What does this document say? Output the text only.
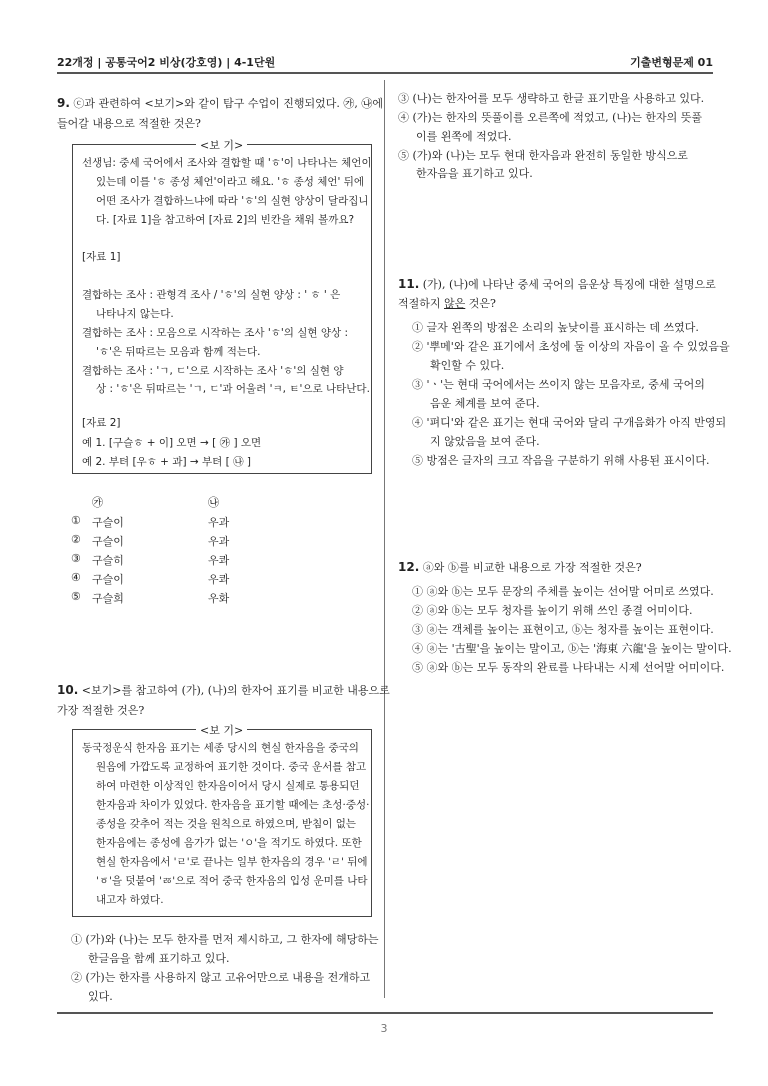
22개정 | 공통국어2 비상(강호영) | 4-1단원	기출변형문제 01
9. ⓒ과 관련하여 <보기>와 같이 탐구 수업이 진행되었다. ㉮, ㉯에
들어갈 내용으로 적절한 것은?
<보 기>
선생님: 중세 국어에서 조사와 결합할 때 'ㅎ'이 나타나는 체언이
있는데 이를 'ㅎ 종성 체언'이라고 해요. 'ㅎ 종성 체언' 뒤에
어떤 조사가 결합하느냐에 따라 'ㅎ'의 실현 양상이 달라집니
다. [자료 1]을 참고하여 [자료 2]의 빈칸을 채워 볼까요?
[자료 1]
결합하는 조사 : 관형격 조사 / 'ㅎ'의 실현 양상 : ' ㅎ ' 은
나타나지 않는다.
결합하는 조사 : 모음으로 시작하는 조사 'ㅎ'의 실현 양상 :
'ㅎ'은 뒤따르는 모음과 함께 적는다.
결합하는 조사 : 'ㄱ, ㄷ'으로 시작하는 조사 'ㅎ'의 실현 양
상 : 'ㅎ'은 뒤따르는 'ㄱ, ㄷ'과 어울려 'ㅋ, ㅌ'으로 나타난다.
[자료 2]
예 1. [구슬ㅎ + 이] 오면 → [ ㉮ ] 오면
예 2. 부텨 [우ㅎ + 과] → 부텨 [ ㉯ ]
㉮	㉯
① 구슬이	우과
② 구슬이	우과
③ 구슬히	우콰
④ 구슬이	우콰
⑤ 구슬희	우화
10. <보기>를 참고하여 (가), (나)의 한자어 표기를 비교한 내용으로
가장 적절한 것은?
<보 기>
동국정운식 한자음 표기는 세종 당시의 현실 한자음을 중국의
원음에 가깝도록 교정하여 표기한 것이다. 중국 운서를 참고
하여 마련한 이상적인 한자음이어서 당시 실제로 통용되던
한자음과 차이가 있었다. 한자음을 표기할 때에는 초성·중성·
종성을 갖추어 적는 것을 원칙으로 하였으며, 받침이 없는
한자음에는 종성에 음가가 없는 'ㅇ'을 적기도 하였다. 또한
현실 한자음에서 'ㄹ'로 끝나는 일부 한자음의 경우 'ㄹ' 뒤에
'ㆆ'을 덧붙여 'ㅭ'으로 적어 중국 한자음의 입성 운미를 나타
내고자 하였다.
① (가)와 (나)는 모두 한자를 먼저 제시하고, 그 한자에 해당하는
한글음을 함께 표기하고 있다.
② (가)는 한자를 사용하지 않고 고유어만으로 내용을 전개하고
있다.
③ (나)는 한자어를 모두 생략하고 한글 표기만을 사용하고 있다.
④ (가)는 한자의 뜻풀이를 오른쪽에 적었고, (나)는 한자의 뜻풀
이를 왼쪽에 적었다.
⑤ (가)와 (나)는 모두 현대 한자음과 완전히 동일한 방식으로
한자음을 표기하고 있다.
11. (가), (나)에 나타난 중세 국어의 음운상 특징에 대한 설명으로
적절하지 않은 것은?
① 글자 왼쪽의 방점은 소리의 높낮이를 표시하는 데 쓰였다.
② '뿌메'와 같은 표기에서 초성에 둘 이상의 자음이 올 수 있었음을
확인할 수 있다.
③ 'ㆍ'는 현대 국어에서는 쓰이지 않는 모음자로, 중세 국어의
음운 체계를 보여 준다.
④ '펴디'와 같은 표기는 현대 국어와 달리 구개음화가 아직 반영되
지 않았음을 보여 준다.
⑤ 방점은 글자의 크고 작음을 구분하기 위해 사용된 표시이다.
12. ⓐ와 ⓑ를 비교한 내용으로 가장 적절한 것은?
① ⓐ와 ⓑ는 모두 문장의 주체를 높이는 선어말 어미로 쓰였다.
② ⓐ와 ⓑ는 모두 청자를 높이기 위해 쓰인 종결 어미이다.
③ ⓐ는 객체를 높이는 표현이고, ⓑ는 청자를 높이는 표현이다.
④ ⓐ는 '古聖'을 높이는 말이고, ⓑ는 '海東 六龍'을 높이는 말이다.
⑤ ⓐ와 ⓑ는 모두 동작의 완료를 나타내는 시제 선어말 어미이다.
3
